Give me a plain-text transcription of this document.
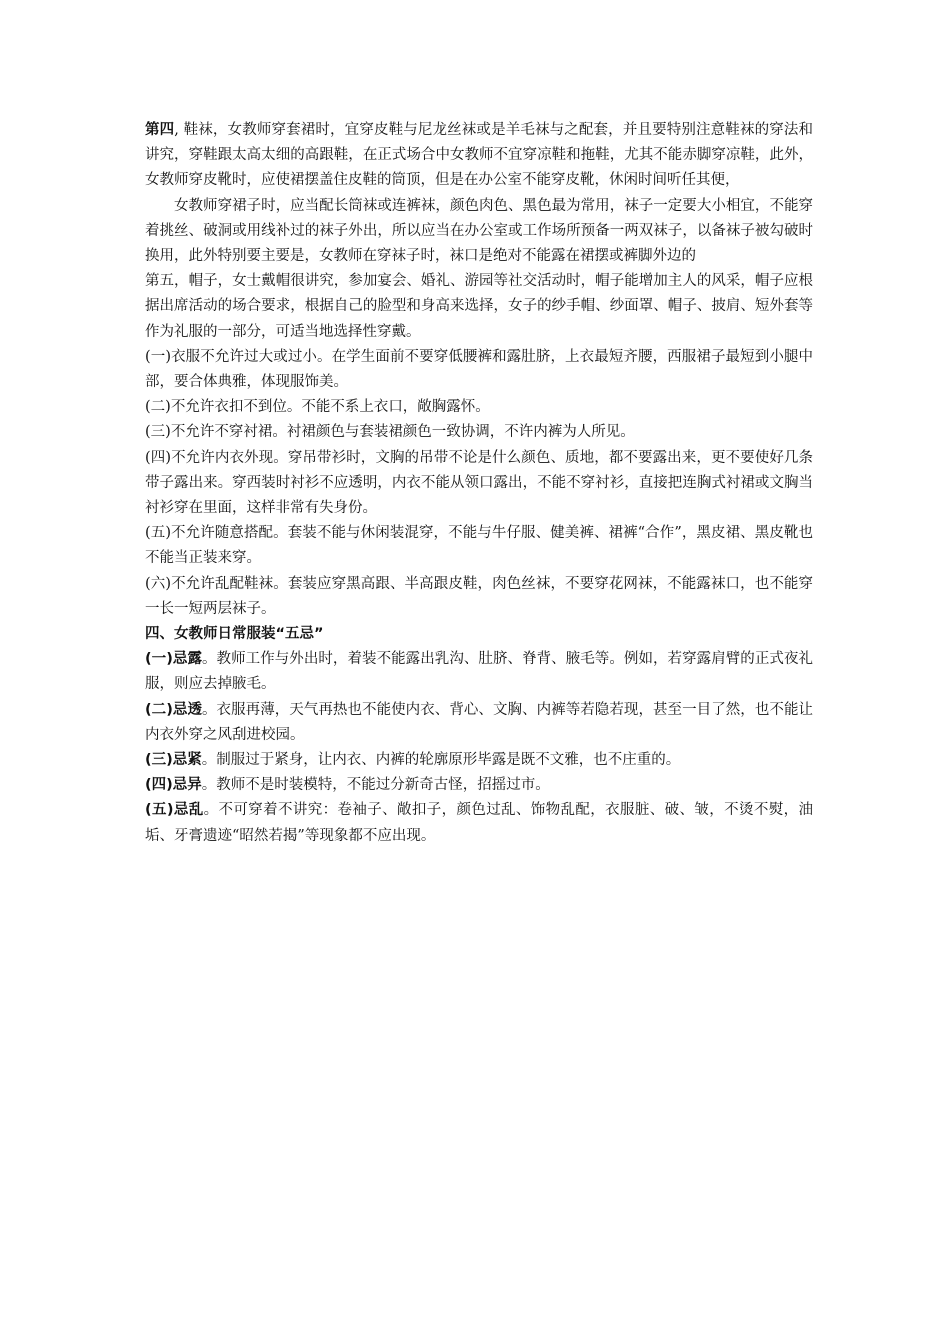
第四, 鞋袜，女教师穿套裙时，宜穿皮鞋与尼龙丝袜或是羊毛袜与之配套，并且要特别注意鞋袜的穿法和讲究，穿鞋跟太高太细的高跟鞋，在正式场合中女教师不宜穿凉鞋和拖鞋，尤其不能赤脚穿凉鞋，此外，女教师穿皮靴时，应使裙摆盖住皮鞋的筒顶，但是在办公室不能穿皮靴，休闲时间听任其便，

女教师穿裙子时，应当配长筒袜或连裤袜，颜色肉色、黑色最为常用，袜子一定要大小相宜，不能穿着挑丝、破洞或用线补过的袜子外出，所以应当在办公室或工作场所预备一两双袜子，以备袜子被勾破时换用，此外特别要主要是，女教师在穿袜子时，袜口是绝对不能露在裙摆或裤脚外边的

第五，帽子，女士戴帽很讲究，参加宴会、婚礼、游园等社交活动时，帽子能增加主人的风采，帽子应根据出席活动的场合要求，根据自己的脸型和身高来选择，女子的纱手帽、纱面罩、帽子、披肩、短外套等作为礼服的一部分，可适当地选择性穿戴。

(一)衣服不允许过大或过小。在学生面前不要穿低腰裤和露肚脐，上衣最短齐腰，西服裙子最短到小腿中部，要合体典雅，体现服饰美。

(二)不允许衣扣不到位。不能不系上衣口，敞胸露怀。

(三)不允许不穿衬裙。衬裙颜色与套装裙颜色一致协调，不许内裤为人所见。

(四)不允许内衣外现。穿吊带衫时，文胸的吊带不论是什么颜色、质地，都不要露出来，更不要使好几条带子露出来。穿西装时衬衫不应透明，内衣不能从领口露出，不能不穿衬衫，直接把连胸式衬裙或文胸当衬衫穿在里面，这样非常有失身份。

(五)不允许随意搭配。套装不能与休闲装混穿，不能与牛仔服、健美裤、裙裤“合作”，黑皮裙、黑皮靴也不能当正装来穿。

(六)不允许乱配鞋袜。套装应穿黑高跟、半高跟皮鞋，肉色丝袜，不要穿花网袜，不能露袜口，也不能穿一长一短两层袜子。

四、女教师日常服装“五忌”

(一)忌露。教师工作与外出时，着装不能露出乳沟、肚脐、脊背、腋毛等。例如，若穿露肩臂的正式夜礼服，则应去掉腋毛。

(二)忌透。衣服再薄，天气再热也不能使内衣、背心、文胸、内裤等若隐若现，甚至一目了然，也不能让内衣外穿之风刮进校园。

(三)忌紧。制服过于紧身，让内衣、内裤的轮廓原形毕露是既不文雅，也不庄重的。

(四)忌异。教师不是时装模特，不能过分新奇古怪，招摇过市。

(五)忌乱。不可穿着不讲究：卷袖子、敞扣子，颜色过乱、饰物乱配，衣服脏、破、皱，不烫不熨，油垢、牙膏遗迹“昭然若揭”等现象都不应出现。
